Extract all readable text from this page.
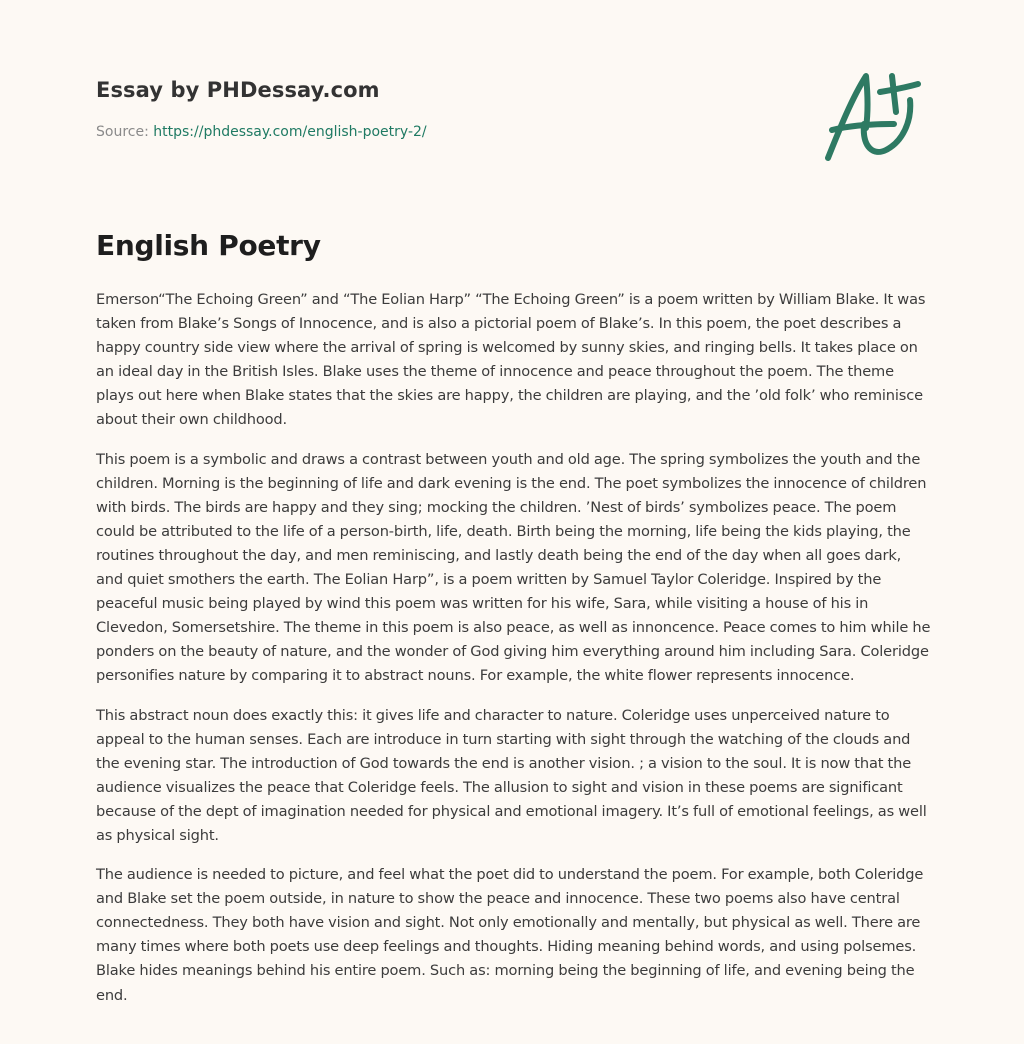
Essay by PHDessay.com
Source: https://phdessay.com/english-poetry-2/
English Poetry

Emerson“The Echoing Green” and “The Eolian Harp” “The Echoing Green” is a poem written by William Blake. It was taken from Blake’s Songs of Innocence, and is also a pictorial poem of Blake’s. In this poem, the poet describes a happy country side view where the arrival of spring is welcomed by sunny skies, and ringing bells. It takes place on an ideal day in the British Isles. Blake uses the theme of innocence and peace throughout the poem. The theme plays out here when Blake states that the skies are happy, the children are playing, and the ’old folk’ who reminisce about their own childhood.

This poem is a symbolic and draws a contrast between youth and old age. The spring symbolizes the youth and the children. Morning is the beginning of life and dark evening is the end. The poet symbolizes the innocence of children with birds. The birds are happy and they sing; mocking the children. ’Nest of birds’ symbolizes peace. The poem could be attributed to the life of a person-birth, life, death. Birth being the morning, life being the kids playing, the routines throughout the day, and men reminiscing, and lastly death being the end of the day when all goes dark, and quiet smothers the earth. The Eolian Harp”, is a poem written by Samuel Taylor Coleridge. Inspired by the peaceful music being played by wind this poem was written for his wife, Sara, while visiting a house of his in Clevedon, Somersetshire. The theme in this poem is also peace, as well as innoncence. Peace comes to him while he ponders on the beauty of nature, and the wonder of God giving him everything around him including Sara. Coleridge personifies nature by comparing it to abstract nouns. For example, the white flower represents innocence.

This abstract noun does exactly this: it gives life and character to nature. Coleridge uses unperceived nature to appeal to the human senses. Each are introduce in turn starting with sight through the watching of the clouds and the evening star. The introduction of God towards the end is another vision. ; a vision to the soul. It is now that the audience visualizes the peace that Coleridge feels. The allusion to sight and vision in these poems are significant because of the dept of imagination needed for physical and emotional imagery. It’s full of emotional feelings, as well as physical sight.

The audience is needed to picture, and feel what the poet did to understand the poem. For example, both Coleridge and Blake set the poem outside, in nature to show the peace and innocence. These two poems also have central connectedness. They both have vision and sight. Not only emotionally and mentally, but physical as well. There are many times where both poets use deep feelings and thoughts. Hiding meaning behind words, and using polsemes. Blake hides meanings behind his entire poem. Such as: morning being the beginning of life, and evening being the end.
